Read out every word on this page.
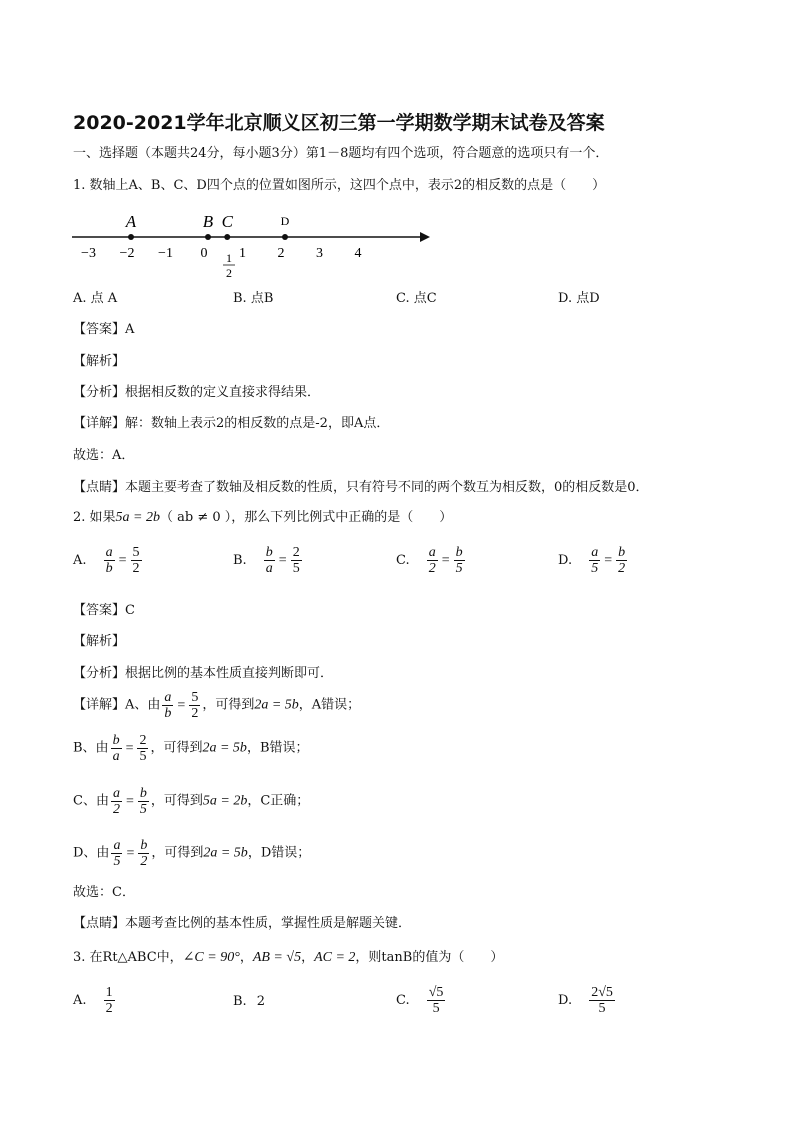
2020-2021学年北京顺义区初三第一学期数学期末试卷及答案
一、选择题（本题共24分，每小题3分）第1－8题均有四个选项，符合题意的选项只有一个．
1. 数轴上A、B、C、D四个点的位置如图所示，这四个点中，表示2的相反数的点是（　　）
−3 −2 −1 0 1 2 3 4
A	B C	D
1
2
A. 点 A	B. 点B	C. 点C	D. 点D
【答案】A
【解析】
【分析】根据相反数的定义直接求得结果．
【详解】解：数轴上表示2的相反数的点是-2，即A点．
故选：A．
【点睛】本题主要考查了数轴及相反数的性质，只有符号不同的两个数互为相反数，0的相反数是0．
2. 如果5a = 2b（ ab ≠ 0 ），那么下列比例式中正确的是（　　）
A. $\frac{a}{b} = \frac{5}{2}$	B. $\frac{b}{a} = \frac{2}{5}$	C. $\frac{a}{2} = \frac{b}{5}$	D. $\frac{a}{5} = \frac{b}{2}$
【答案】C
【解析】
【分析】根据比例的基本性质直接判断即可．
【详解】A、由 $\frac{a}{b} = \frac{5}{2}$ ，可得到2a = 5b，A错误；
B、由 $\frac{b}{a} = \frac{2}{5}$ ，可得到2a = 5b，B错误；
C、由 $\frac{a}{2} = \frac{b}{5}$ ，可得到5a = 2b，C正确；
D、由 $\frac{a}{5} = \frac{b}{2}$ ，可得到2a = 5b，D错误；
故选：C．
【点睛】本题考查比例的基本性质，掌握性质是解题关键．
3. 在Rt△ABC中，∠C = 90°，AB = √5，AC = 2，则tanB的值为（　　）
A. $\frac{1}{2}$	B. 2	C. $\frac{√5}{5}$	D. $\frac{2√5}{5}$
